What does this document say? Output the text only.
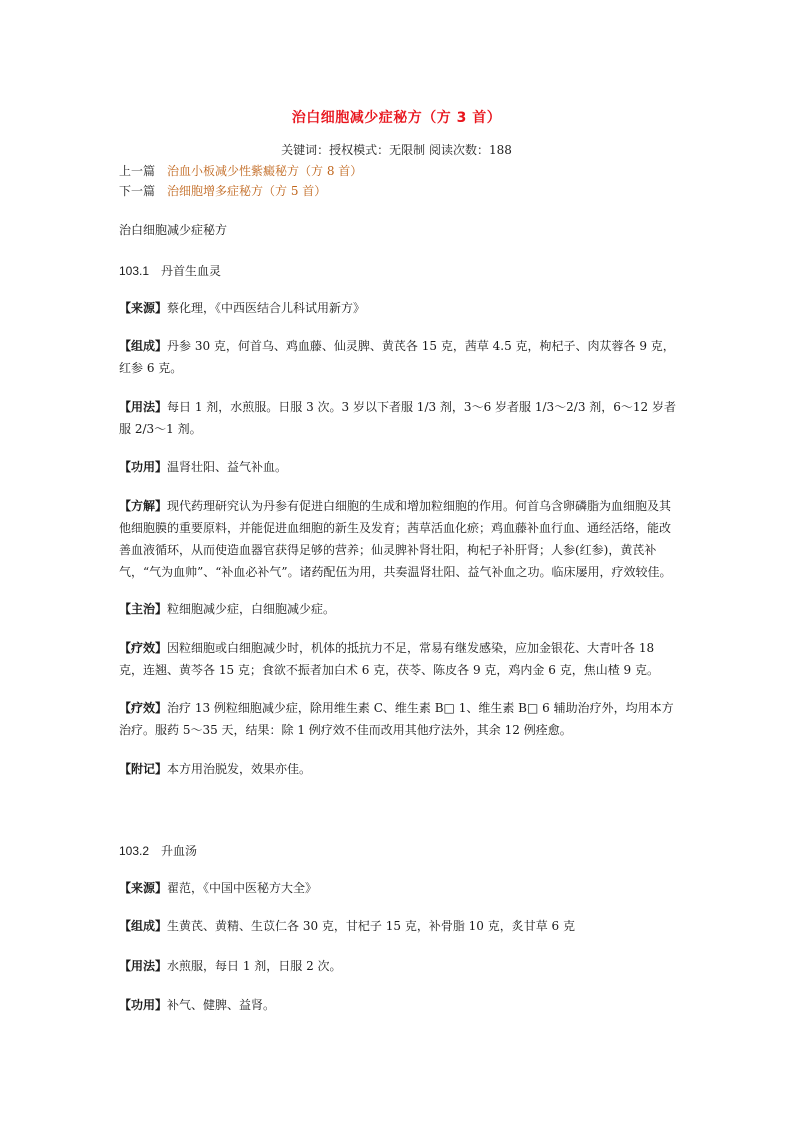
治白细胞减少症秘方（方 3 首）
关键词：授权模式：无限制 阅读次数：188
上一篇 治血小板减少性紫癜秘方（方 8 首）
下一篇 治细胞增多症秘方（方 5 首）
治白细胞减少症秘方
103.1 丹首生血灵

【来源】蔡化理，《中西医结合儿科试用新方》

【组成】丹参 30 克，何首乌、鸡血藤、仙灵脾、黄芪各 15 克，茜草 4.5 克，枸杞子、肉苁蓉各 9 克，红参 6 克。

【用法】每日 1 剂，水煎服。日服 3 次。3 岁以下者服 1/3 剂，3～6 岁者服 1/3～2/3 剂，6～12 岁者服 2/3～1 剂。

【功用】温肾壮阳、益气补血。

【方解】现代药理研究认为丹参有促进白细胞的生成和增加粒细胞的作用。何首乌含卵磷脂为血细胞及其他细胞膜的重要原料，并能促进血细胞的新生及发育；茜草活血化瘀；鸡血藤补血行血、通经活络，能改善血液循环，从而使造血器官获得足够的营养；仙灵脾补肾壮阳，枸杞子补肝肾；人参(红参)，黄芪补气，“气为血帅”、“补血必补气”。诸药配伍为用，共奏温肾壮阳、益气补血之功。临床屡用，疗效较佳。

【主治】粒细胞减少症，白细胞减少症。

【疗效】因粒细胞或白细胞减少时，机体的抵抗力不足，常易有继发感染，应加金银花、大青叶各 18 克，连翘、黄芩各 15 克；食欲不振者加白术 6 克，茯苓、陈皮各 9 克，鸡内金 6 克，焦山楂 9 克。

【疗效】治疗 13 例粒细胞减少症，除用维生素 C、维生素 B□ 1、维生素 B□ 6 辅助治疗外，均用本方治疗。服药 5～35 天，结果：除 1 例疗效不佳而改用其他疗法外，其余 12 例痊愈。

【附记】本方用治脱发，效果亦佳。

103.2 升血汤

【来源】翟范，《中国中医秘方大全》

【组成】生黄芪、黄精、生苡仁各 30 克，甘杞子 15 克，补骨脂 10 克，炙甘草 6 克

【用法】水煎服，每日 1 剂，日服 2 次。

【功用】补气、健脾、益肾。
